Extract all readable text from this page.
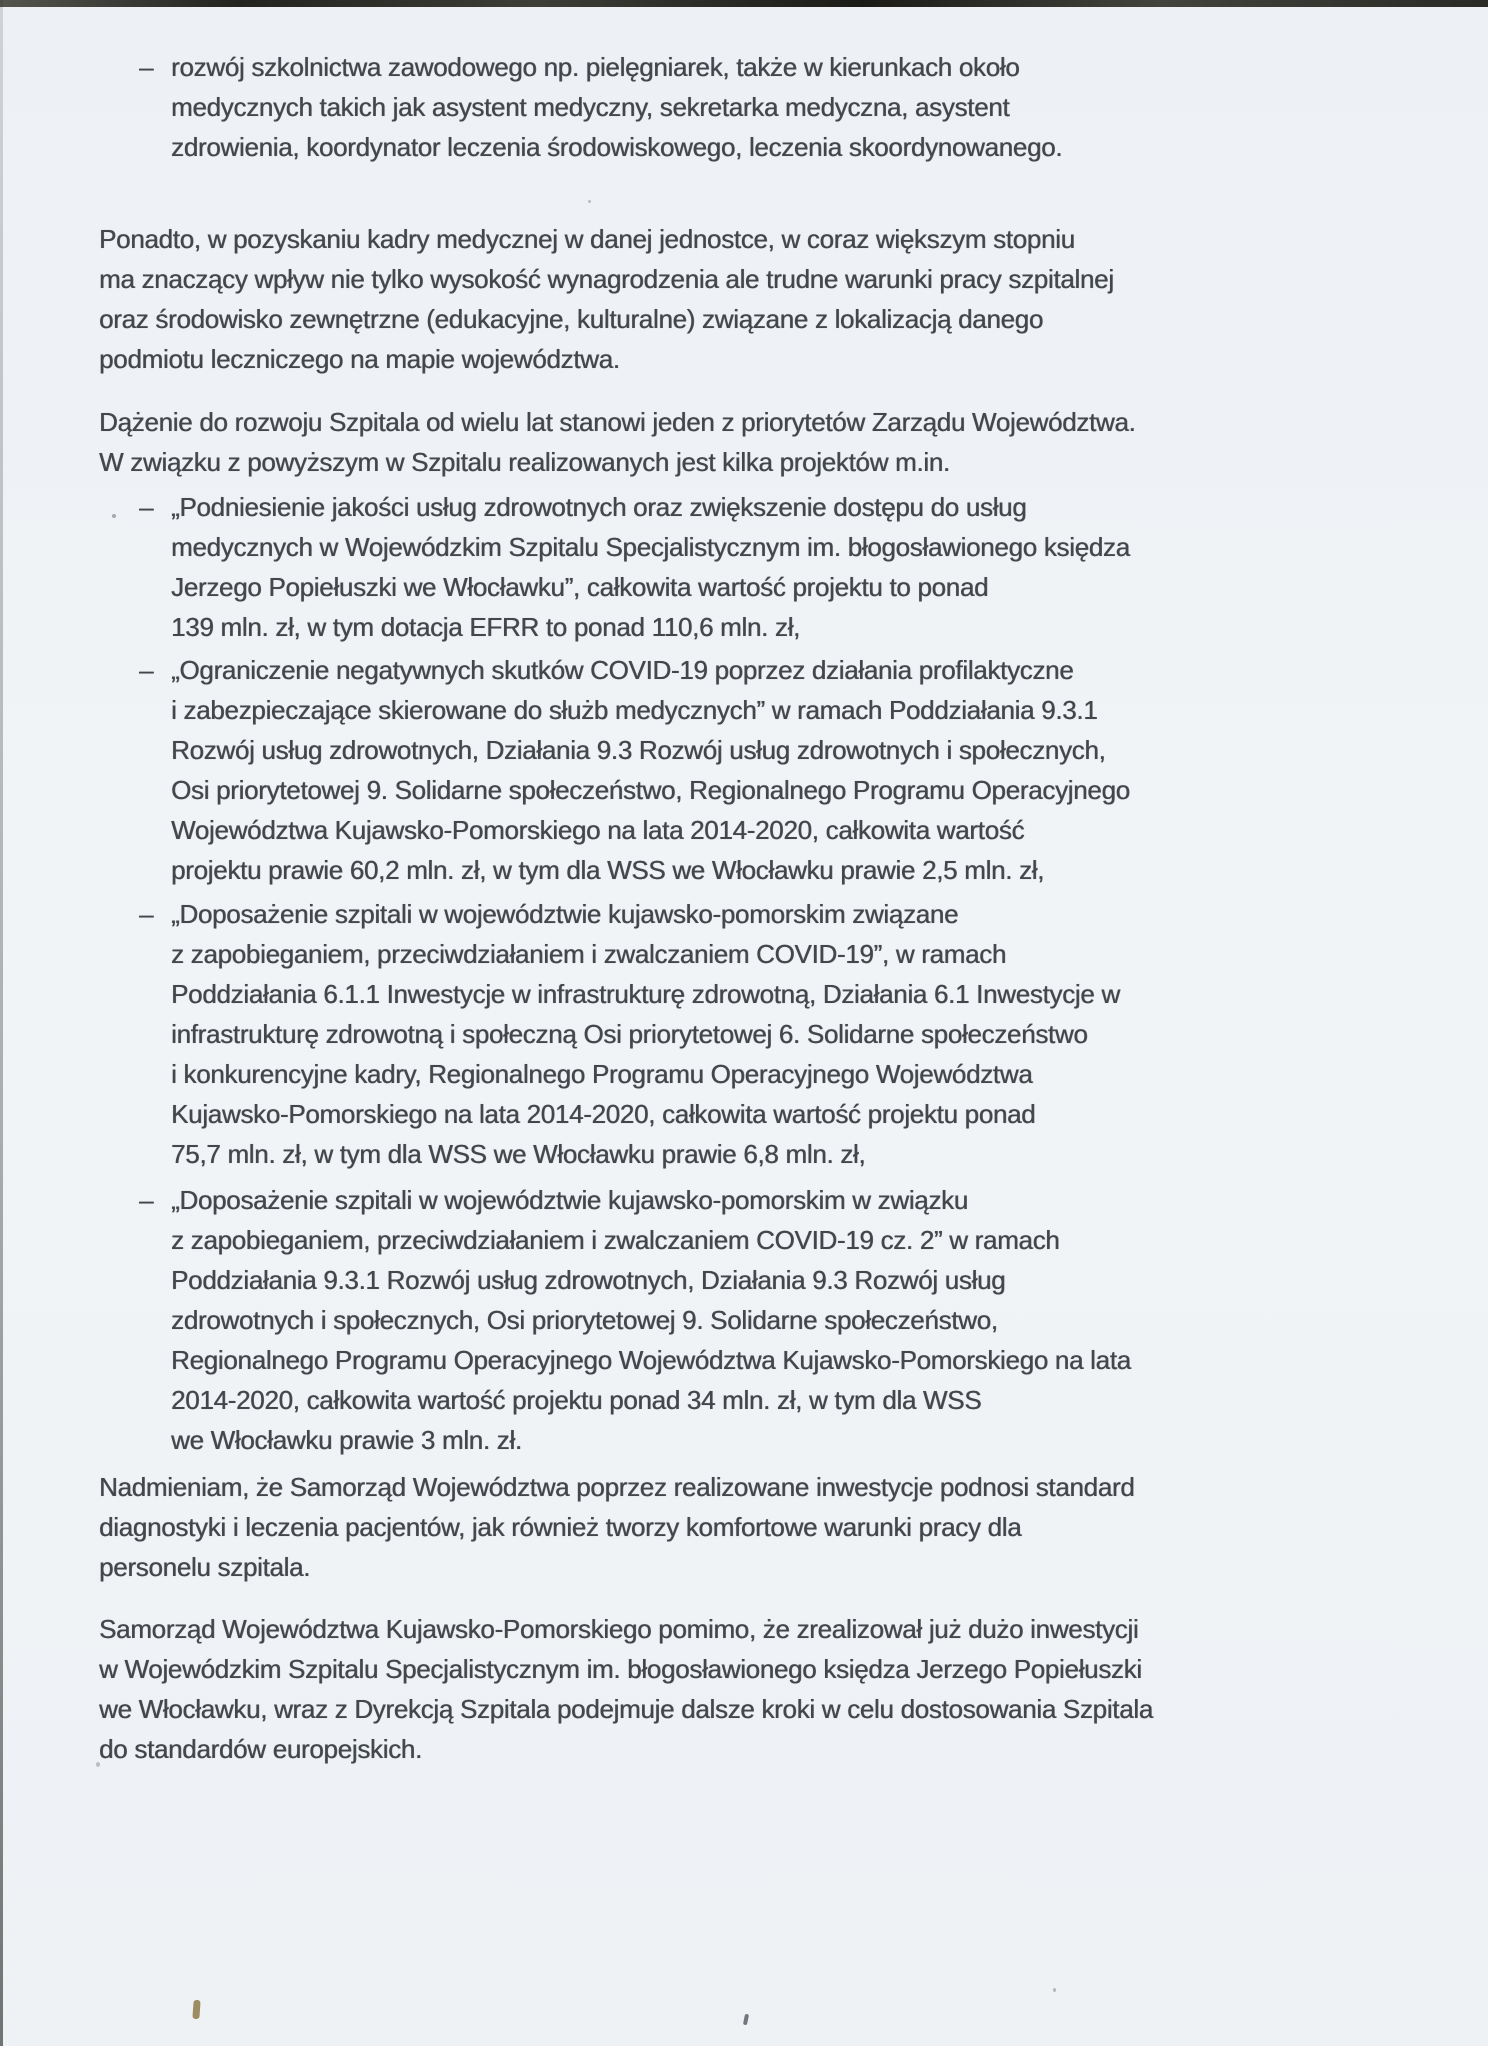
– rozwój szkolnictwa zawodowego np. pielęgniarek, także w kierunkach około
medycznych takich jak asystent medyczny, sekretarka medyczna, asystent
zdrowienia, koordynator leczenia środowiskowego, leczenia skoordynowanego.
Ponadto, w pozyskaniu kadry medycznej w danej jednostce, w coraz większym stopniu
ma znaczący wpływ nie tylko wysokość wynagrodzenia ale trudne warunki pracy szpitalnej
oraz środowisko zewnętrzne (edukacyjne, kulturalne) związane z lokalizacją danego
podmiotu leczniczego na mapie województwa.
Dążenie do rozwoju Szpitala od wielu lat stanowi jeden z priorytetów Zarządu Województwa.
W związku z powyższym w Szpitalu realizowanych jest kilka projektów m.in.
– „Podniesienie jakości usług zdrowotnych oraz zwiększenie dostępu do usług
medycznych w Wojewódzkim Szpitalu Specjalistycznym im. błogosławionego księdza
Jerzego Popiełuszki we Włocławku”, całkowita wartość projektu to ponad
139 mln. zł, w tym dotacja EFRR to ponad 110,6 mln. zł,
– „Ograniczenie negatywnych skutków COVID-19 poprzez działania profilaktyczne
i zabezpieczające skierowane do służb medycznych” w ramach Poddziałania 9.3.1
Rozwój usług zdrowotnych, Działania 9.3 Rozwój usług zdrowotnych i społecznych,
Osi priorytetowej 9. Solidarne społeczeństwo, Regionalnego Programu Operacyjnego
Województwa Kujawsko-Pomorskiego na lata 2014-2020, całkowita wartość
projektu prawie 60,2 mln. zł, w tym dla WSS we Włocławku prawie 2,5 mln. zł,
– „Doposażenie szpitali w województwie kujawsko-pomorskim związane
z zapobieganiem, przeciwdziałaniem i zwalczaniem COVID-19”, w ramach
Poddziałania 6.1.1 Inwestycje w infrastrukturę zdrowotną, Działania 6.1 Inwestycje w
infrastrukturę zdrowotną i społeczną Osi priorytetowej 6. Solidarne społeczeństwo
i konkurencyjne kadry, Regionalnego Programu Operacyjnego Województwa
Kujawsko-Pomorskiego na lata 2014-2020, całkowita wartość projektu ponad
75,7 mln. zł, w tym dla WSS we Włocławku prawie 6,8 mln. zł,
– „Doposażenie szpitali w województwie kujawsko-pomorskim w związku
z zapobieganiem, przeciwdziałaniem i zwalczaniem COVID-19 cz. 2” w ramach
Poddziałania 9.3.1 Rozwój usług zdrowotnych, Działania 9.3 Rozwój usług
zdrowotnych i społecznych, Osi priorytetowej 9. Solidarne społeczeństwo,
Regionalnego Programu Operacyjnego Województwa Kujawsko-Pomorskiego na lata
2014-2020, całkowita wartość projektu ponad 34 mln. zł, w tym dla WSS
we Włocławku prawie 3 mln. zł.
Nadmieniam, że Samorząd Województwa poprzez realizowane inwestycje podnosi standard
diagnostyki i leczenia pacjentów, jak również tworzy komfortowe warunki pracy dla
personelu szpitala.
Samorząd Województwa Kujawsko-Pomorskiego pomimo, że zrealizował już dużo inwestycji
w Wojewódzkim Szpitalu Specjalistycznym im. błogosławionego księdza Jerzego Popiełuszki
we Włocławku, wraz z Dyrekcją Szpitala podejmuje dalsze kroki w celu dostosowania Szpitala
do standardów europejskich.
